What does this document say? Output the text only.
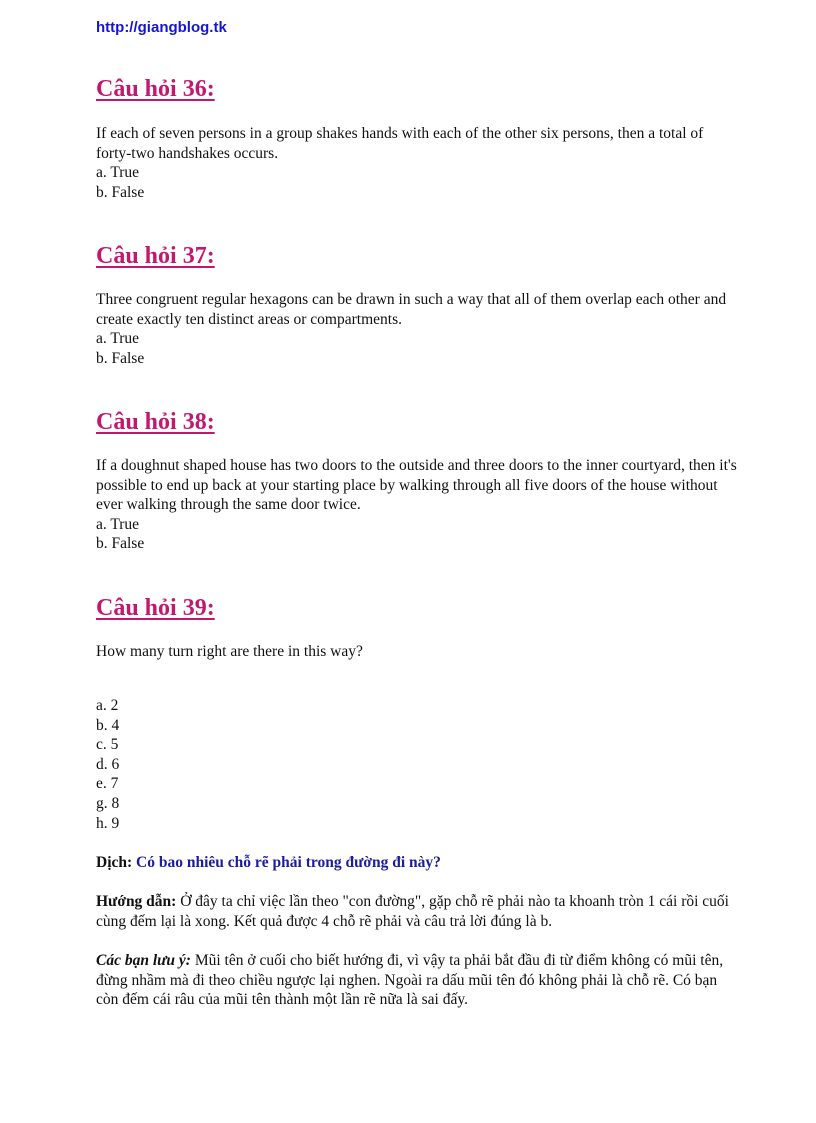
http://giangblog.tk
Câu hỏi 36:
If each of seven persons in a group shakes hands with each of the other six persons, then a total of
forty-two handshakes occurs.
a. True
b. False
Câu hỏi 37:
Three congruent regular hexagons can be drawn in such a way that all of them overlap each other and
create exactly ten distinct areas or compartments.
a. True
b. False
Câu hỏi 38:
If a doughnut shaped house has two doors to the outside and three doors to the inner courtyard, then it's
possible to end up back at your starting place by walking through all five doors of the house without
ever walking through the same door twice.
a. True
b. False
Câu hỏi 39:
How many turn right are there in this way?
a. 2
b. 4
c. 5
d. 6
e. 7
g. 8
h. 9
Dịch: Có bao nhiêu chỗ rẽ phải trong đường đi này?
Hướng dẫn: Ở đây ta chỉ việc lần theo "con đường", gặp chỗ rẽ phải nào ta khoanh tròn 1 cái rồi cuối
cùng đếm lại là xong. Kết quả được 4 chỗ rẽ phải và câu trả lời đúng là b.
Các bạn lưu ý: Mũi tên ở cuối cho biết hướng đi, vì vậy ta phải bắt đầu đi từ điểm không có mũi tên,
đừng nhầm mà đi theo chiều ngược lại nghen. Ngoài ra dấu mũi tên đó không phải là chỗ rẽ. Có bạn
còn đếm cái râu của mũi tên thành một lần rẽ nữa là sai đấy.
